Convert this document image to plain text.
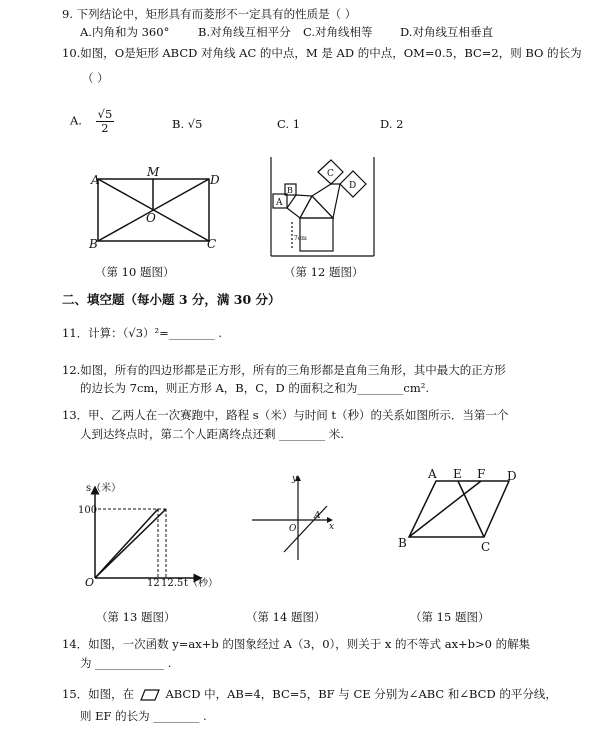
9. 下列结论中，矩形具有而菱形不一定具有的性质是（ ）
A.内角和为 360° B.对角线互相平分 C.对角线相等 D.对角线互相垂直
10.如图，O是矩形 ABCD 对角线 AC 的中点，M 是 AD 的中点，OM=0.5，BC=2，则 BO 的长为
（ ）
A. $\frac{√5}{2}$	B. √5	C. 1	D. 2
A
M
D
O
B	C
（第 10 题图）
A
B
C
D
7cm
（第 12 题图）
二、填空题（每小题 3 分，满 30 分）
11．计算：（√3）²=________ .
12.如图，所有的四边形都是正方形，所有的三角形都是直角三角形，其中最大的正方形
的边长为 7cm，则正方形 A，B，C，D 的面积之和为________cm².
13．甲、乙两人在一次赛跑中，路程 s（米）与时间 t（秒）的关系如图所示．当第一个
人到达终点时，第二个人距离终点还剩 ________ 米.
s（米）
100
O	12 12.5 t（秒）
（第 13 题图）
y
x
O
A
（第 14 题图）
A E F D
B	C
（第 15 题图）
14．如图，一次函数 y=ax+b 的图象经过 A（3，0），则关于 x 的不等式 ax+b>0 的解集
为 ____________ .
15．如图，在	ABCD 中，AB=4，BC=5，BF 与 CE 分别为∠ABC 和∠BCD 的平分线，
则 EF 的长为 ________ .
